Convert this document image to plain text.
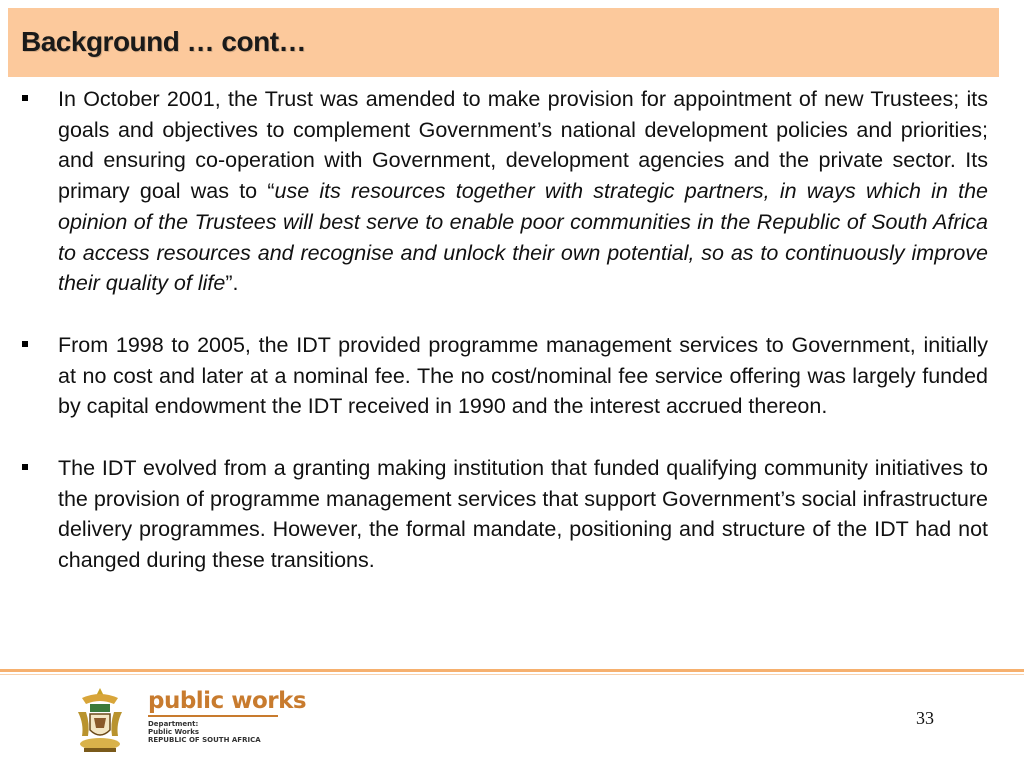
Background … cont…
In October 2001, the Trust was amended to make provision for appointment of new Trustees; its goals and objectives to complement Government’s national development policies and priorities; and ensuring co-operation with Government, development agencies and the private sector. Its primary goal was to “use its resources together with strategic partners, in ways which in the opinion of the Trustees will best serve to enable poor communities in the Republic of South Africa to access resources and recognise and unlock their own potential, so as to continuously improve their quality of life”.
From 1998 to 2005, the IDT provided programme management services to Government, initially at no cost and later at a nominal fee. The no cost/nominal fee service offering was largely funded by capital endowment the IDT received in 1990 and the interest accrued thereon.
The IDT evolved from a granting making institution that funded qualifying community initiatives to the provision of programme management services that support Government’s social infrastructure delivery programmes. However, the formal mandate, positioning and structure of the IDT had not changed during these transitions.
public works
Department:
Public Works
REPUBLIC OF SOUTH AFRICA
33
